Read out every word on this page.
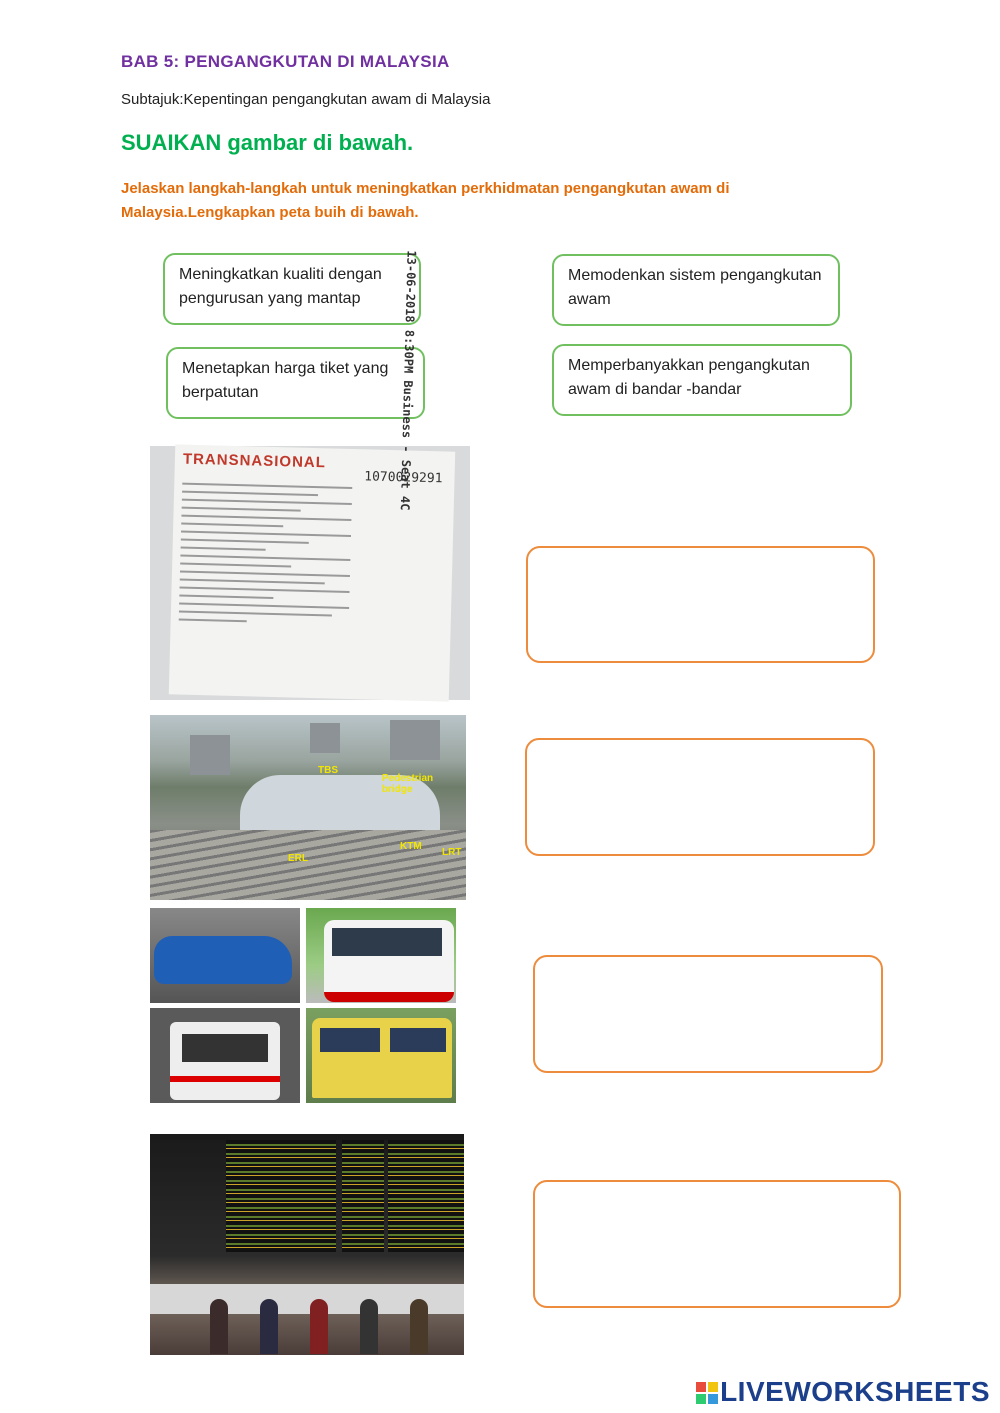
BAB 5: PENGANGKUTAN DI MALAYSIA
Subtajuk:Kepentingan pengangkutan awam di Malaysia
SUAIKAN gambar di bawah.
Jelaskan langkah-langkah untuk meningkatkan perkhidmatan pengangkutan awam di Malaysia.Lengkapkan peta buih di bawah.
Meningkatkan kualiti dengan pengurusan yang mantap
Memodenkan sistem pengangkutan awam
Menetapkan harga tiket yang berpatutan
Memperbanyakkan pengangkutan awam di bandar -bandar
TRANSNASIONAL
1070029291
13-06-2018 8:30PM Business - Seat 4C
TBS
Pedestrian bridge
ERL
KTM
LRT
LIVEWORKSHEETS
